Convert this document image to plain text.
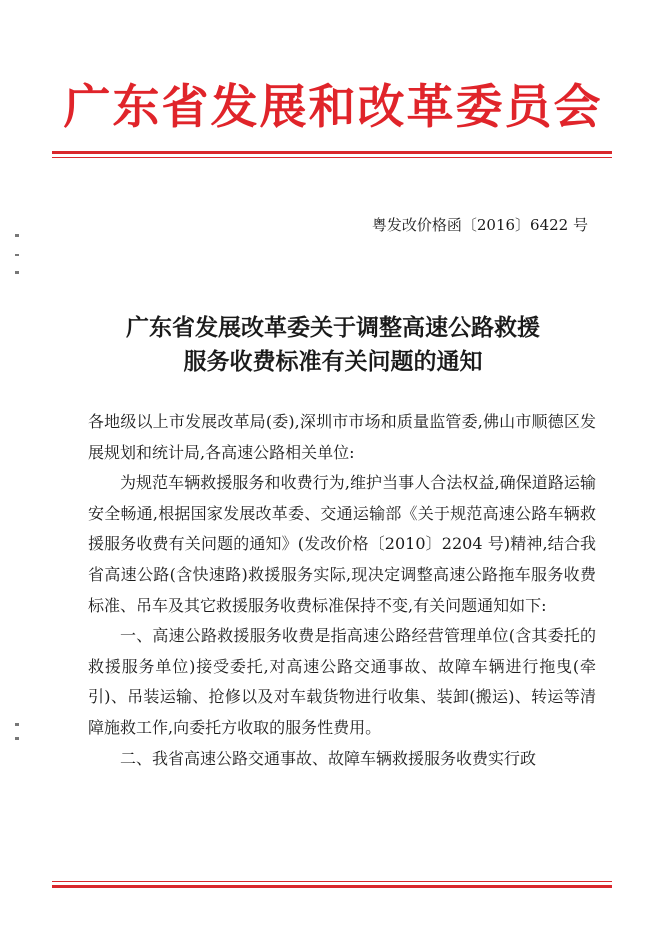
广东省发展和改革委员会
粤发改价格函〔2016〕6422 号
广东省发展改革委关于调整高速公路救援
服务收费标准有关问题的通知

各地级以上市发展改革局(委),深圳市市场和质量监管委,佛山市顺德区发展规划和统计局,各高速公路相关单位:

为规范车辆救援服务和收费行为,维护当事人合法权益,确保道路运输安全畅通,根据国家发展改革委、交通运输部《关于规范高速公路车辆救援服务收费有关问题的通知》(发改价格〔2010〕2204 号)精神,结合我省高速公路(含快速路)救援服务实际,现决定调整高速公路拖车服务收费标准、吊车及其它救援服务收费标准保持不变,有关问题通知如下:

一、高速公路救援服务收费是指高速公路经营管理单位(含其委托的救援服务单位)接受委托,对高速公路交通事故、故障车辆进行拖曳(牵引)、吊装运输、抢修以及对车载货物进行收集、装卸(搬运)、转运等清障施救工作,向委托方收取的服务性费用。

二、我省高速公路交通事故、故障车辆救援服务收费实行政
